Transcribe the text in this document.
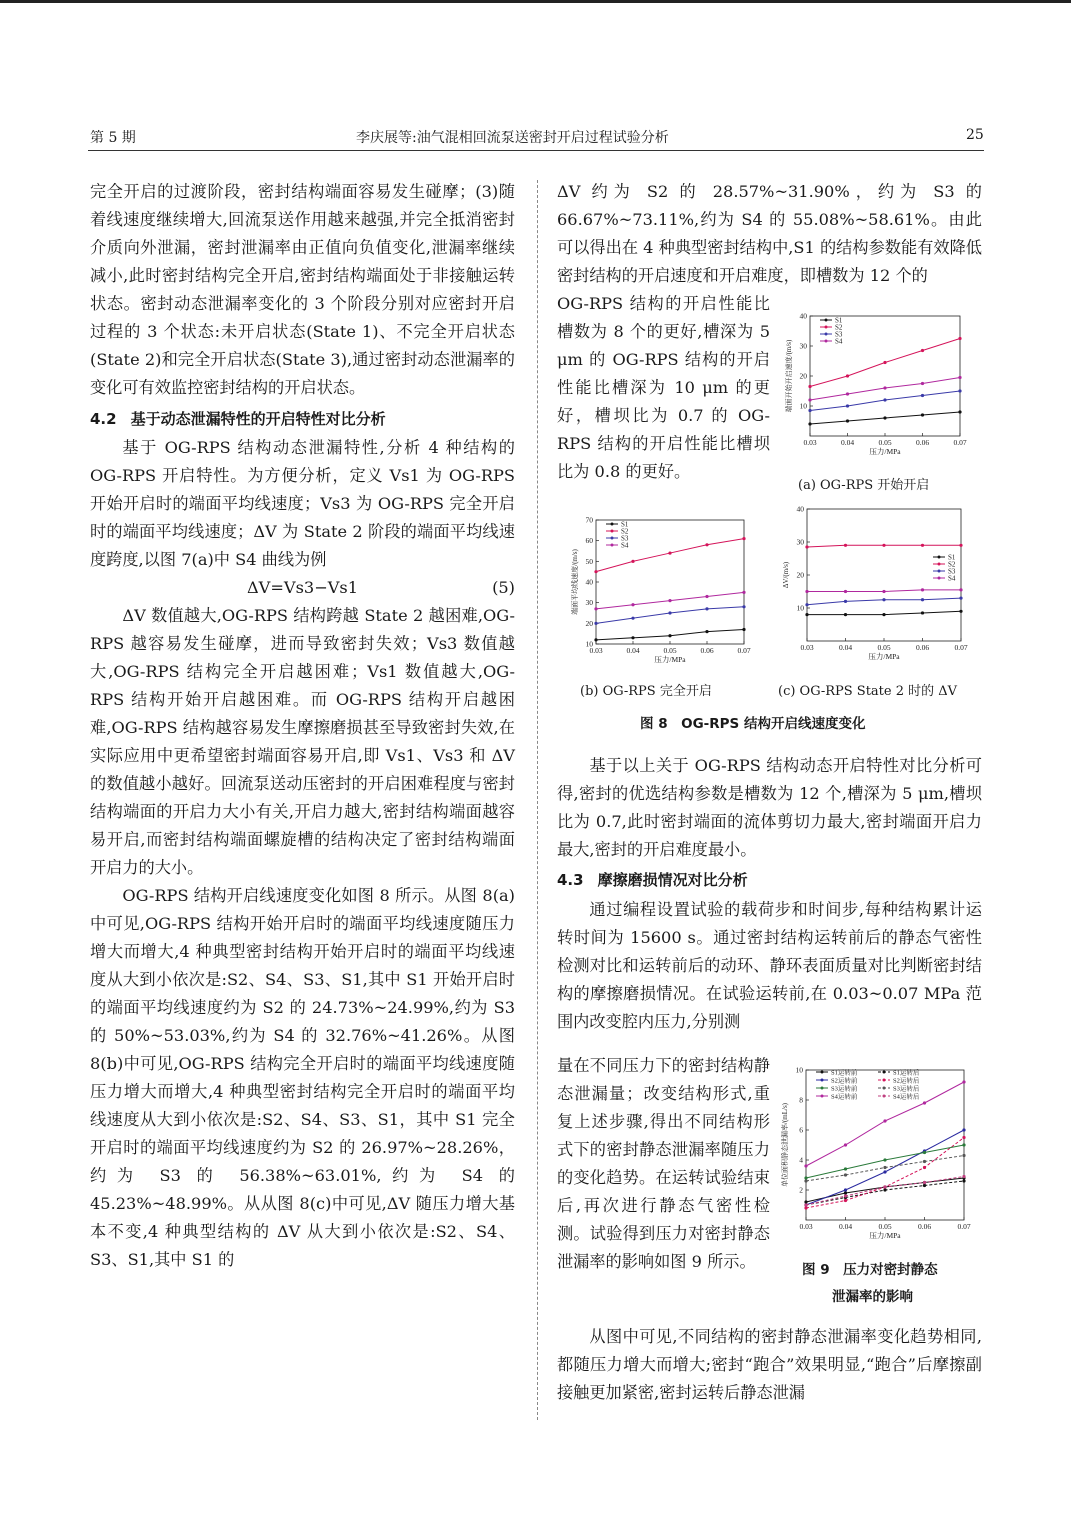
第 5 期	李庆展等:油气混相回流泵送密封开启过程试验分析	25

完全开启的过渡阶段，密封结构端面容易发生碰摩；(3)随着线速度继续增大,回流泵送作用越来越强,并完全抵消密封介质向外泄漏，密封泄漏率由正值向负值变化,泄漏率继续减小,此时密封结构完全开启,密封结构端面处于非接触运转状态。密封动态泄漏率变化的 3 个阶段分别对应密封开启过程的 3 个状态:未开启状态(State 1)、不完全开启状态(State 2)和完全开启状态(State 3),通过密封动态泄漏率的变化可有效监控密封结构的开启状态。

4.2 基于动态泄漏特性的开启特性对比分析

基于 OG-RPS 结构动态泄漏特性,分析 4 种结构的 OG-RPS 开启特性。为方便分析，定义 Vs1 为 OG-RPS 开始开启时的端面平均线速度；Vs3 为 OG-RPS 完全开启时的端面平均线速度；ΔV 为 State 2 阶段的端面平均线速度跨度,以图 7(a)中 S4 曲线为例

ΔV=Vs3−Vs1	(5)

ΔV 数值越大,OG-RPS 结构跨越 State 2 越困难,OG-RPS 越容易发生碰摩，进而导致密封失效；Vs3 数值越大,OG-RPS 结构完全开启越困难；Vs1 数值越大,OG-RPS 结构开始开启越困难。而 OG-RPS 结构开启越困难,OG-RPS 结构越容易发生摩擦磨损甚至导致密封失效,在实际应用中更希望密封端面容易开启,即 Vs1、Vs3 和 ΔV 的数值越小越好。回流泵送动压密封的开启困难程度与密封结构端面的开启力大小有关,开启力越大,密封结构端面越容易开启,而密封结构端面螺旋槽的结构决定了密封结构端面开启力的大小。

OG-RPS 结构开启线速度变化如图 8 所示。从图 8(a)中可见,OG-RPS 结构开始开启时的端面平均线速度随压力增大而增大,4 种典型密封结构开始开启时的端面平均线速度从大到小依次是:S2、S4、S3、S1,其中 S1 开始开启时的端面平均线速度约为 S2 的 24.73%~24.99%,约为 S3 的 50%~53.03%,约为 S4 的 32.76%~41.26%。从图 8(b)中可见,OG-RPS 结构完全开启时的端面平均线速度随压力增大而增大,4 种典型密封结构完全开启时的端面平均线速度从大到小依次是:S2、S4、S3、S1，其中 S1 完全开启时的端面平均线速度约为 S2 的 26.97%~28.26%，约为 S3 的 56.38%~63.01%,约为 S4 的 45.23%~48.99%。从从图 8(c)中可见,ΔV 随压力增大基本不变,4 种典型结构的 ΔV 从大到小依次是:S2、S4、S3、S1,其中 S1 的

ΔV 约为 S2 的 28.57%~31.90%，约为 S3 的 66.67%~73.11%,约为 S4 的 55.08%~58.61%。由此可以得出在 4 种典型密封结构中,S1 的结构参数能有效降低密封结构的开启速度和开启难度，即槽数为 12 个的

OG-RPS 结构的开启性能比槽数为 8 个的更好,槽深为 5 μm 的 OG-RPS 结构的开启性能比槽深为 10 μm 的更好，槽坝比为 0.7 的 OG-RPS 结构的开启性能比槽坝比为 0.8 的更好。

0.03	0.04	0.05	0.06	0.07
10
20
30
40
压力/MPa
端面开始开启速度/(m/s)
S1
S2
S3
S4
(a) OG-RPS 开始开启
0.03	0.04	0.05	0.06	0.07
10
20
30
40
50
60
70
压力/MPa
端面平均线速度/(m/s)
S1
S2
S3
S4
0.03	0.04	0.05	0.06	0.07
10
20
30
40
压力/MPa
ΔV/(m/s)
S1
S2
S3
S4
(b) OG-RPS 完全开启	(c) OG-RPS State 2 时的 ΔV
图 8　OG-RPS 结构开启线速度变化

基于以上关于 OG-RPS 结构动态开启特性对比分析可得,密封的优选结构参数是槽数为 12 个,槽深为 5 μm,槽坝比为 0.7,此时密封端面的流体剪切力最大,密封端面开启力最大,密封的开启难度最小。

4.3 摩擦磨损情况对比分析

通过编程设置试验的载荷步和时间步,每种结构累计运转时间为 15600 s。通过密封结构运转前后的静态气密性检测对比和运转前后的动环、静环表面质量对比判断密封结构的摩擦磨损情况。在试验运转前,在 0.03~0.07 MPa 范围内改变腔内压力,分别测

量在不同压力下的密封结构静态泄漏量；改变结构形式,重复上述步骤,得出不同结构形式下的密封静态泄漏率随压力的变化趋势。在运转试验结束后,再次进行静态气密性检测。试验得到压力对密封静态泄漏率的影响如图 9 所示。

0.03	0.04	0.05	0.06	0.07
2
4
6
8
10
压力/MPa
单位面积静态泄漏率/(mL/s)
S1运转前	S1运转后
S2运转前	S2运转后
S3运转前	S3运转后
S4运转前	S4运转后
图 9　压力对密封静态
泄漏率的影响

从图中可见,不同结构的密封静态泄漏率变化趋势相同,都随压力增大而增大;密封“跑合”效果明显,“跑合”后摩擦副接触更加紧密,密封运转后静态泄漏
